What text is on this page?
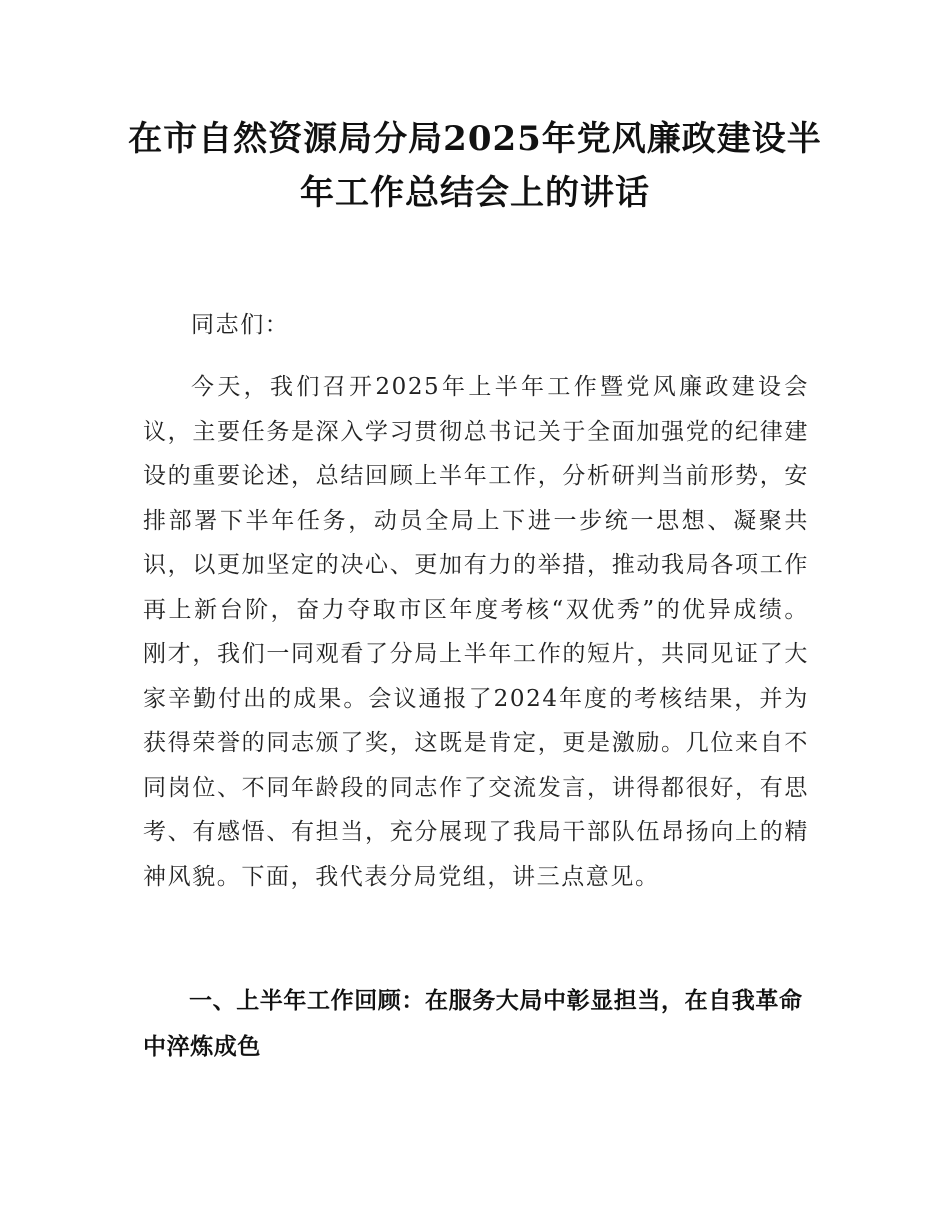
在市自然资源局分局2025年党风廉政建设半
年工作总结会上的讲话

同志们：

今天，我们召开2025年上半年工作暨党风廉政建设会议，主要任务是深入学习贯彻总书记关于全面加强党的纪律建设的重要论述，总结回顾上半年工作，分析研判当前形势，安排部署下半年任务，动员全局上下进一步统一思想、凝聚共识，以更加坚定的决心、更加有力的举措，推动我局各项工作再上新台阶，奋力夺取市区年度考核“双优秀”的优异成绩。刚才，我们一同观看了分局上半年工作的短片，共同见证了大家辛勤付出的成果。会议通报了2024年度的考核结果，并为获得荣誉的同志颁了奖，这既是肯定，更是激励。几位来自不同岗位、不同年龄段的同志作了交流发言，讲得都很好，有思考、有感悟、有担当，充分展现了我局干部队伍昂扬向上的精神风貌。下面，我代表分局党组，讲三点意见。

一、上半年工作回顾：在服务大局中彰显担当，在自我革命中淬炼成色
